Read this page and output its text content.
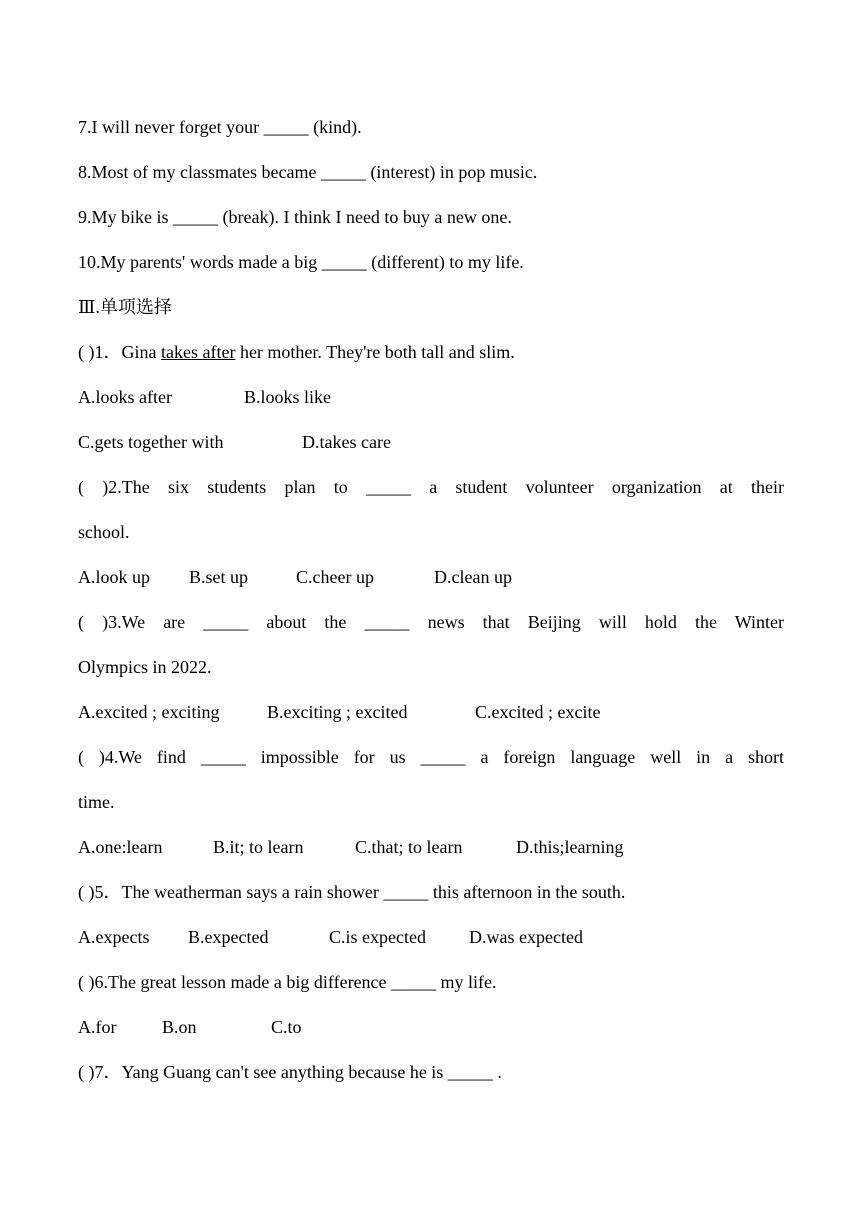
7.I will never forget your _____ (kind).
8.Most of my classmates became _____ (interest) in pop music.
9.My bike is _____ (break). I think I need to buy a new one.
10.My parents' words made a big _____ (different) to my life.
Ⅲ.单项选择
( )1．Gina takes after her mother. They're both tall and slim.
A.looks after	B.looks like
C.gets together with	D.takes care
( )2.The six students plan to _____ a student volunteer organization at their
school.
A.look up B.set up	C.cheer up	D.clean up
( )3.We are _____ about the _____ news that Beijing will hold the Winter
Olympics in 2022.
A.excited ; exciting	B.exciting ; excited	C.excited ; excite
( )4.We find _____ impossible for us _____ a foreign language well in a short
time.
A.one:learn	B.it; to learn	C.that; to learn	D.this;learning
( )5．The weatherman says a rain shower _____ this afternoon in the south.
A.expects B.expected	C.is expected D.was expected
( )6.The great lesson made a big difference _____ my life.
A.for	B.on	C.to
( )7．Yang Guang can't see anything because he is _____ .
